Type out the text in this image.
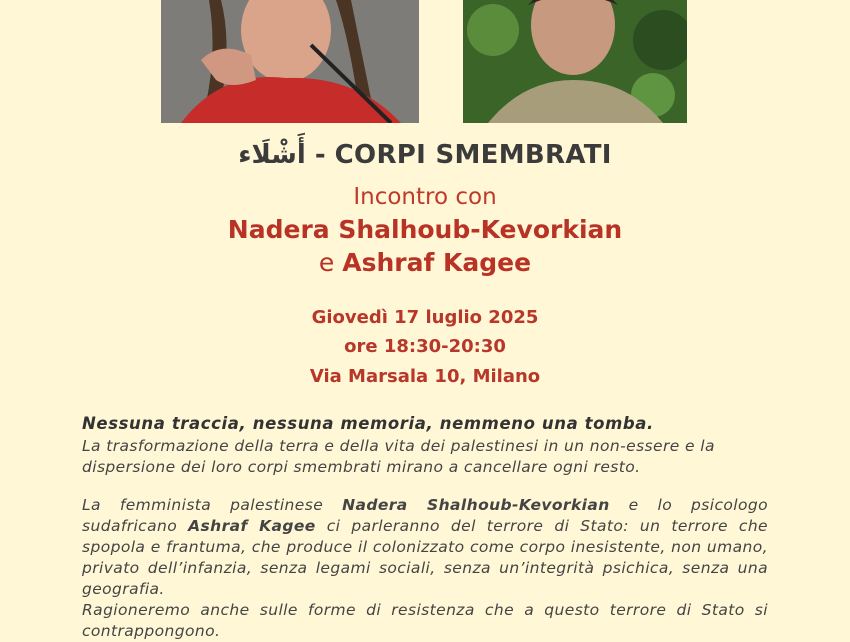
أَشْلَاء - CORPI SMEMBRATI
Incontro con
Nadera Shalhoub-Kevorkian
e Ashraf Kagee
Giovedì 17 luglio 2025
ore 18:30-20:30
Via Marsala 10, Milano
Nessuna traccia, nessuna memoria, nemmeno una tomba.
La trasformazione della terra e della vita dei palestinesi in un non-essere e la dispersione dei loro corpi smembrati mirano a cancellare ogni resto.
La femminista palestinese Nadera Shalhoub-Kevorkian e lo psicologo sudafricano Ashraf Kagee ci parleranno del terrore di Stato: un terrore che spopola e frantuma, che produce il colonizzato come corpo inesistente, non umano, privato dell’infanzia, senza legami sociali, senza un’integrità psichica, senza una geografia.
Ragioneremo anche sulle forme di resistenza che a questo terrore di Stato si contrappongono.
